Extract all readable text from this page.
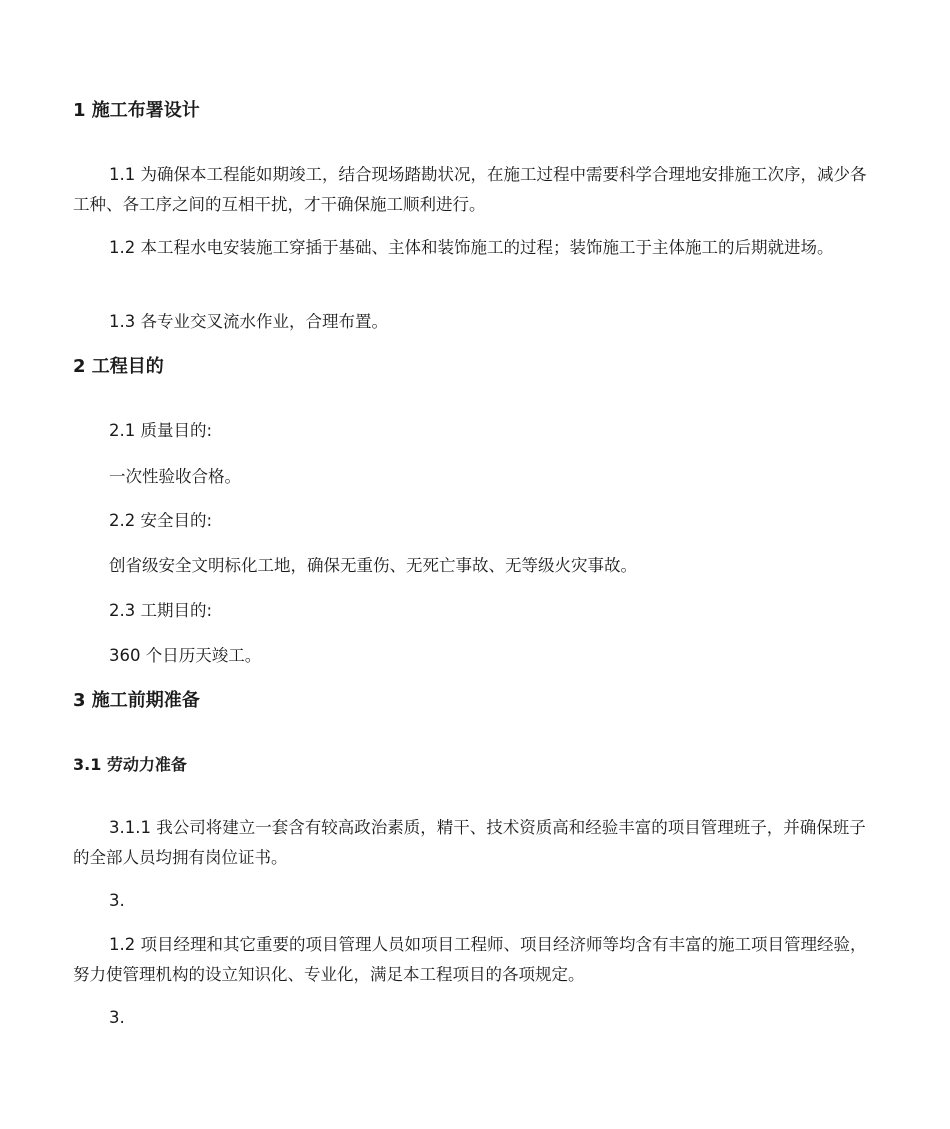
1 施工布署设计

1.1 为确保本工程能如期竣工，结合现场踏勘状况，在施工过程中需要科学合理地安排施工次序，减少各工种、各工序之间的互相干扰，才干确保施工顺利进行。

1.2 本工程水电安装施工穿插于基础、主体和装饰施工的过程；装饰施工于主体施工的后期就进场。

1.3 各专业交叉流水作业，合理布置。

2 工程目的

2.1 质量目的:

一次性验收合格。

2.2 安全目的:

创省级安全文明标化工地，确保无重伤、无死亡事故、无等级火灾事故。

2.3 工期目的:

360 个日历天竣工。

3 施工前期准备
3.1 劳动力准备

3.1.1 我公司将建立一套含有较高政治素质，精干、技术资质高和经验丰富的项目管理班子，并确保班子的全部人员均拥有岗位证书。

3.

1.2 项目经理和其它重要的项目管理人员如项目工程师、项目经济师等均含有丰富的施工项目管理经验，努力使管理机构的设立知识化、专业化，满足本工程项目的各项规定。

3.
